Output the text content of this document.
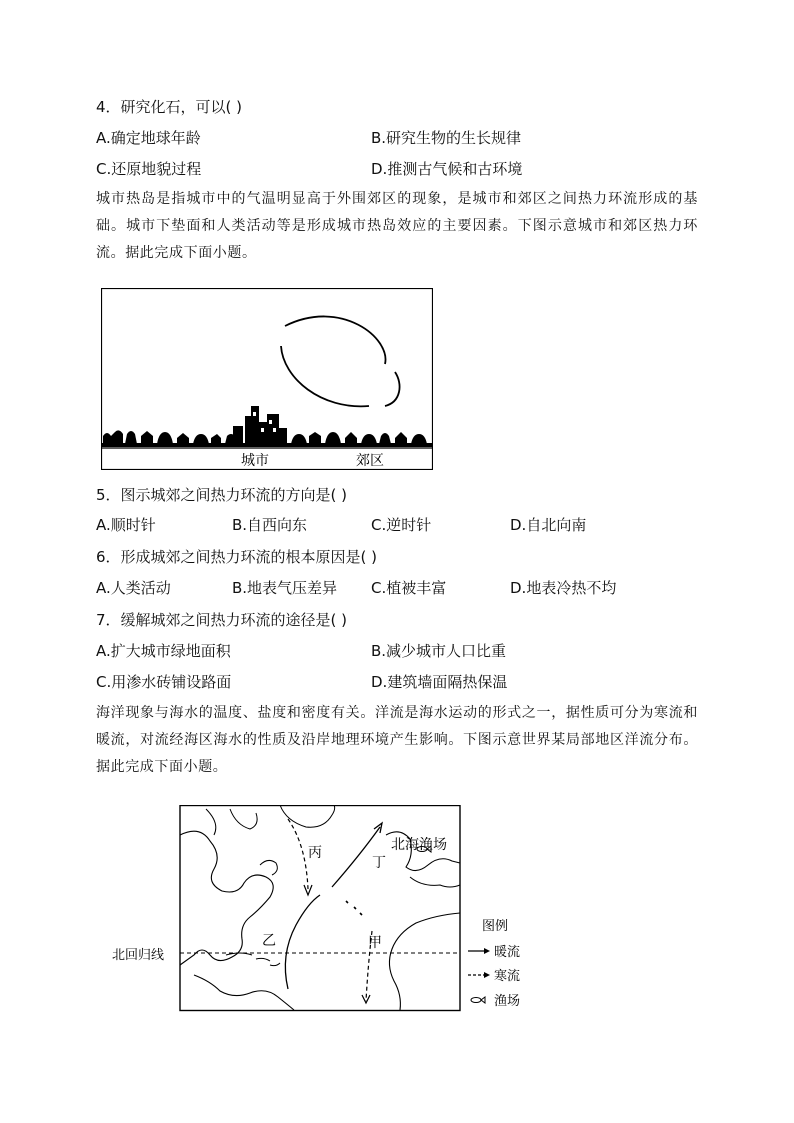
4．研究化石，可以( )
A.确定地球年龄	B.研究生物的生长规律
C.还原地貌过程	D.推测古气候和古环境
城市热岛是指城市中的气温明显高于外围郊区的现象，是城市和郊区之间热力环流形成的基础。城市下垫面和人类活动等是形成城市热岛效应的主要因素。下图示意城市和郊区热力环流。据此完成下面小题。
城市	郊区
5．图示城郊之间热力环流的方向是( )
A.顺时针	B.自西向东	C.逆时针	D.自北向南
6．形成城郊之间热力环流的根本原因是( )
A.人类活动	B.地表气压差异 C.植被丰富	D.地表冷热不均
7．缓解城郊之间热力环流的途径是( )
A.扩大城市绿地面积	B.减少城市人口比重
C.用渗水砖铺设路面	D.建筑墙面隔热保温
海洋现象与海水的温度、盐度和密度有关。洋流是海水运动的形式之一，据性质可分为寒流和暖流，对流经海区海水的性质及沿岸地理环境产生影响。下图示意世界某局部地区洋流分布。据此完成下面小题。
北回归线
丙
丁
乙	甲
北海渔场
图例
暖流
寒流
渔场
